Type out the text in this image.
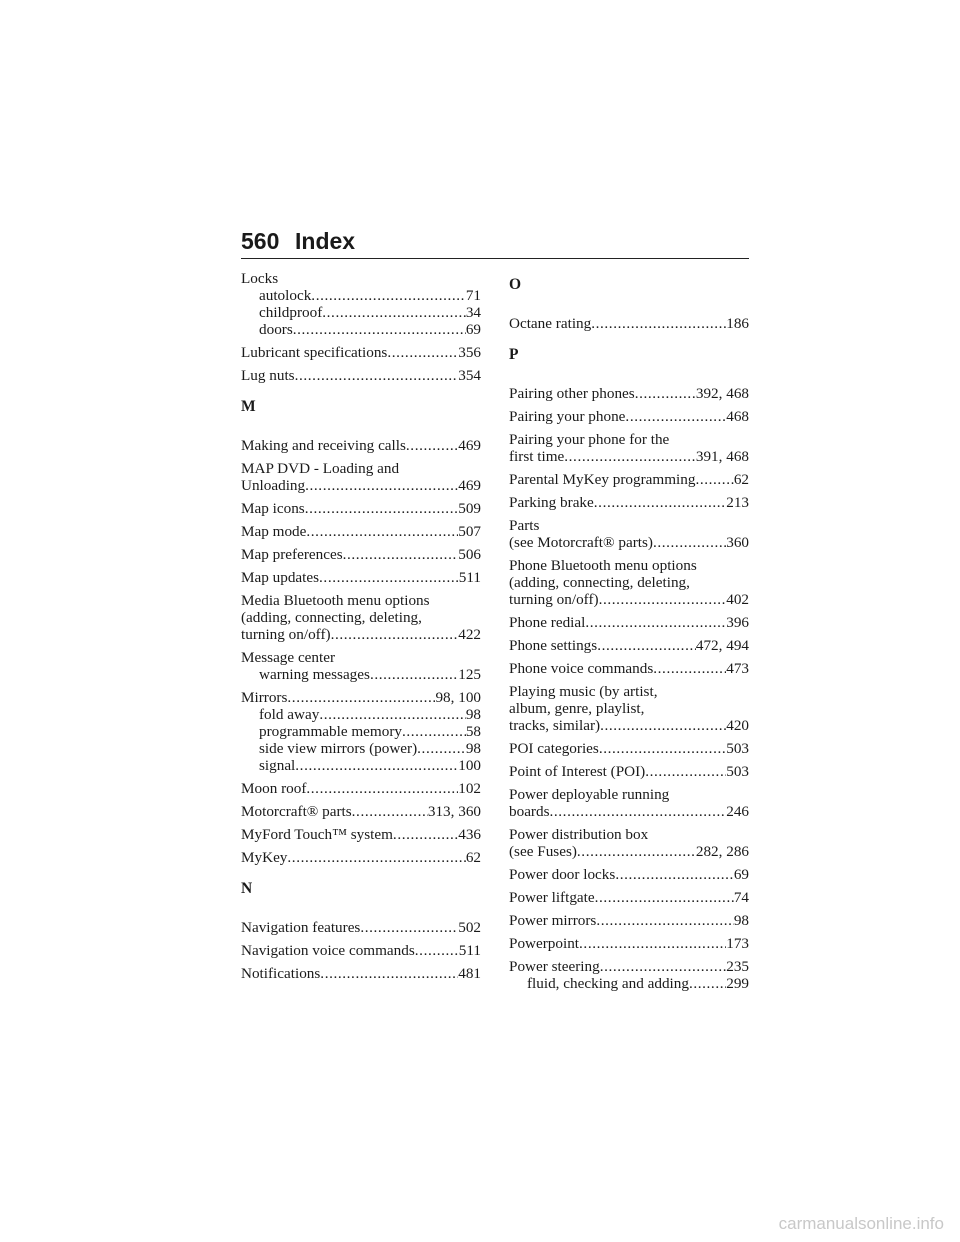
560 Index
Locks
autolock . . .	71
childproof . . .	34
doors . . .	69
Lubricant specifications . . .	356
Lug nuts . . .	354
M
Making and receiving calls . . .	469
MAP DVD - Loading and
Unloading . . .	469
Map icons . . .	509
Map mode . . .	507
Map preferences . . .	506
Map updates . . .	511
Media Bluetooth menu options
(adding, connecting, deleting,
turning on/off) . . .	422
Message center
warning messages . . .	125
Mirrors . . .	98, 100
fold away . . .	98
programmable memory . . .	58
side view mirrors (power) . . .	98
signal . . .	100
Moon roof . . .	102
Motorcraft® parts . . .	313, 360
MyFord Touch™ system . . .	436
MyKey . . .	62
N
Navigation features . . .	502
Navigation voice commands . . .	511
Notifications . . .	481
O
Octane rating . . .	186
P
Pairing other phones . . .	392, 468
Pairing your phone . . .	468
Pairing your phone for the
first time . . .	391, 468
Parental MyKey programming . . .	62
Parking brake . . .	213
Parts
(see Motorcraft® parts) . . .	360
Phone Bluetooth menu options
(adding, connecting, deleting,
turning on/off) . . .	402
Phone redial . . .	396
Phone settings . . .	472, 494
Phone voice commands . . .	473
Playing music (by artist,
album, genre, playlist,
tracks, similar) . . .	420
POI categories . . .	503
Point of Interest (POI) . . .	503
Power deployable running
boards . . .	246
Power distribution box
(see Fuses) . . .	282, 286
Power door locks . . .	69
Power liftgate . . .	74
Power mirrors . . .	98
Powerpoint . . .	173
Power steering . . .	235
fluid, checking and adding . . . 299
carmanualsonline.info
